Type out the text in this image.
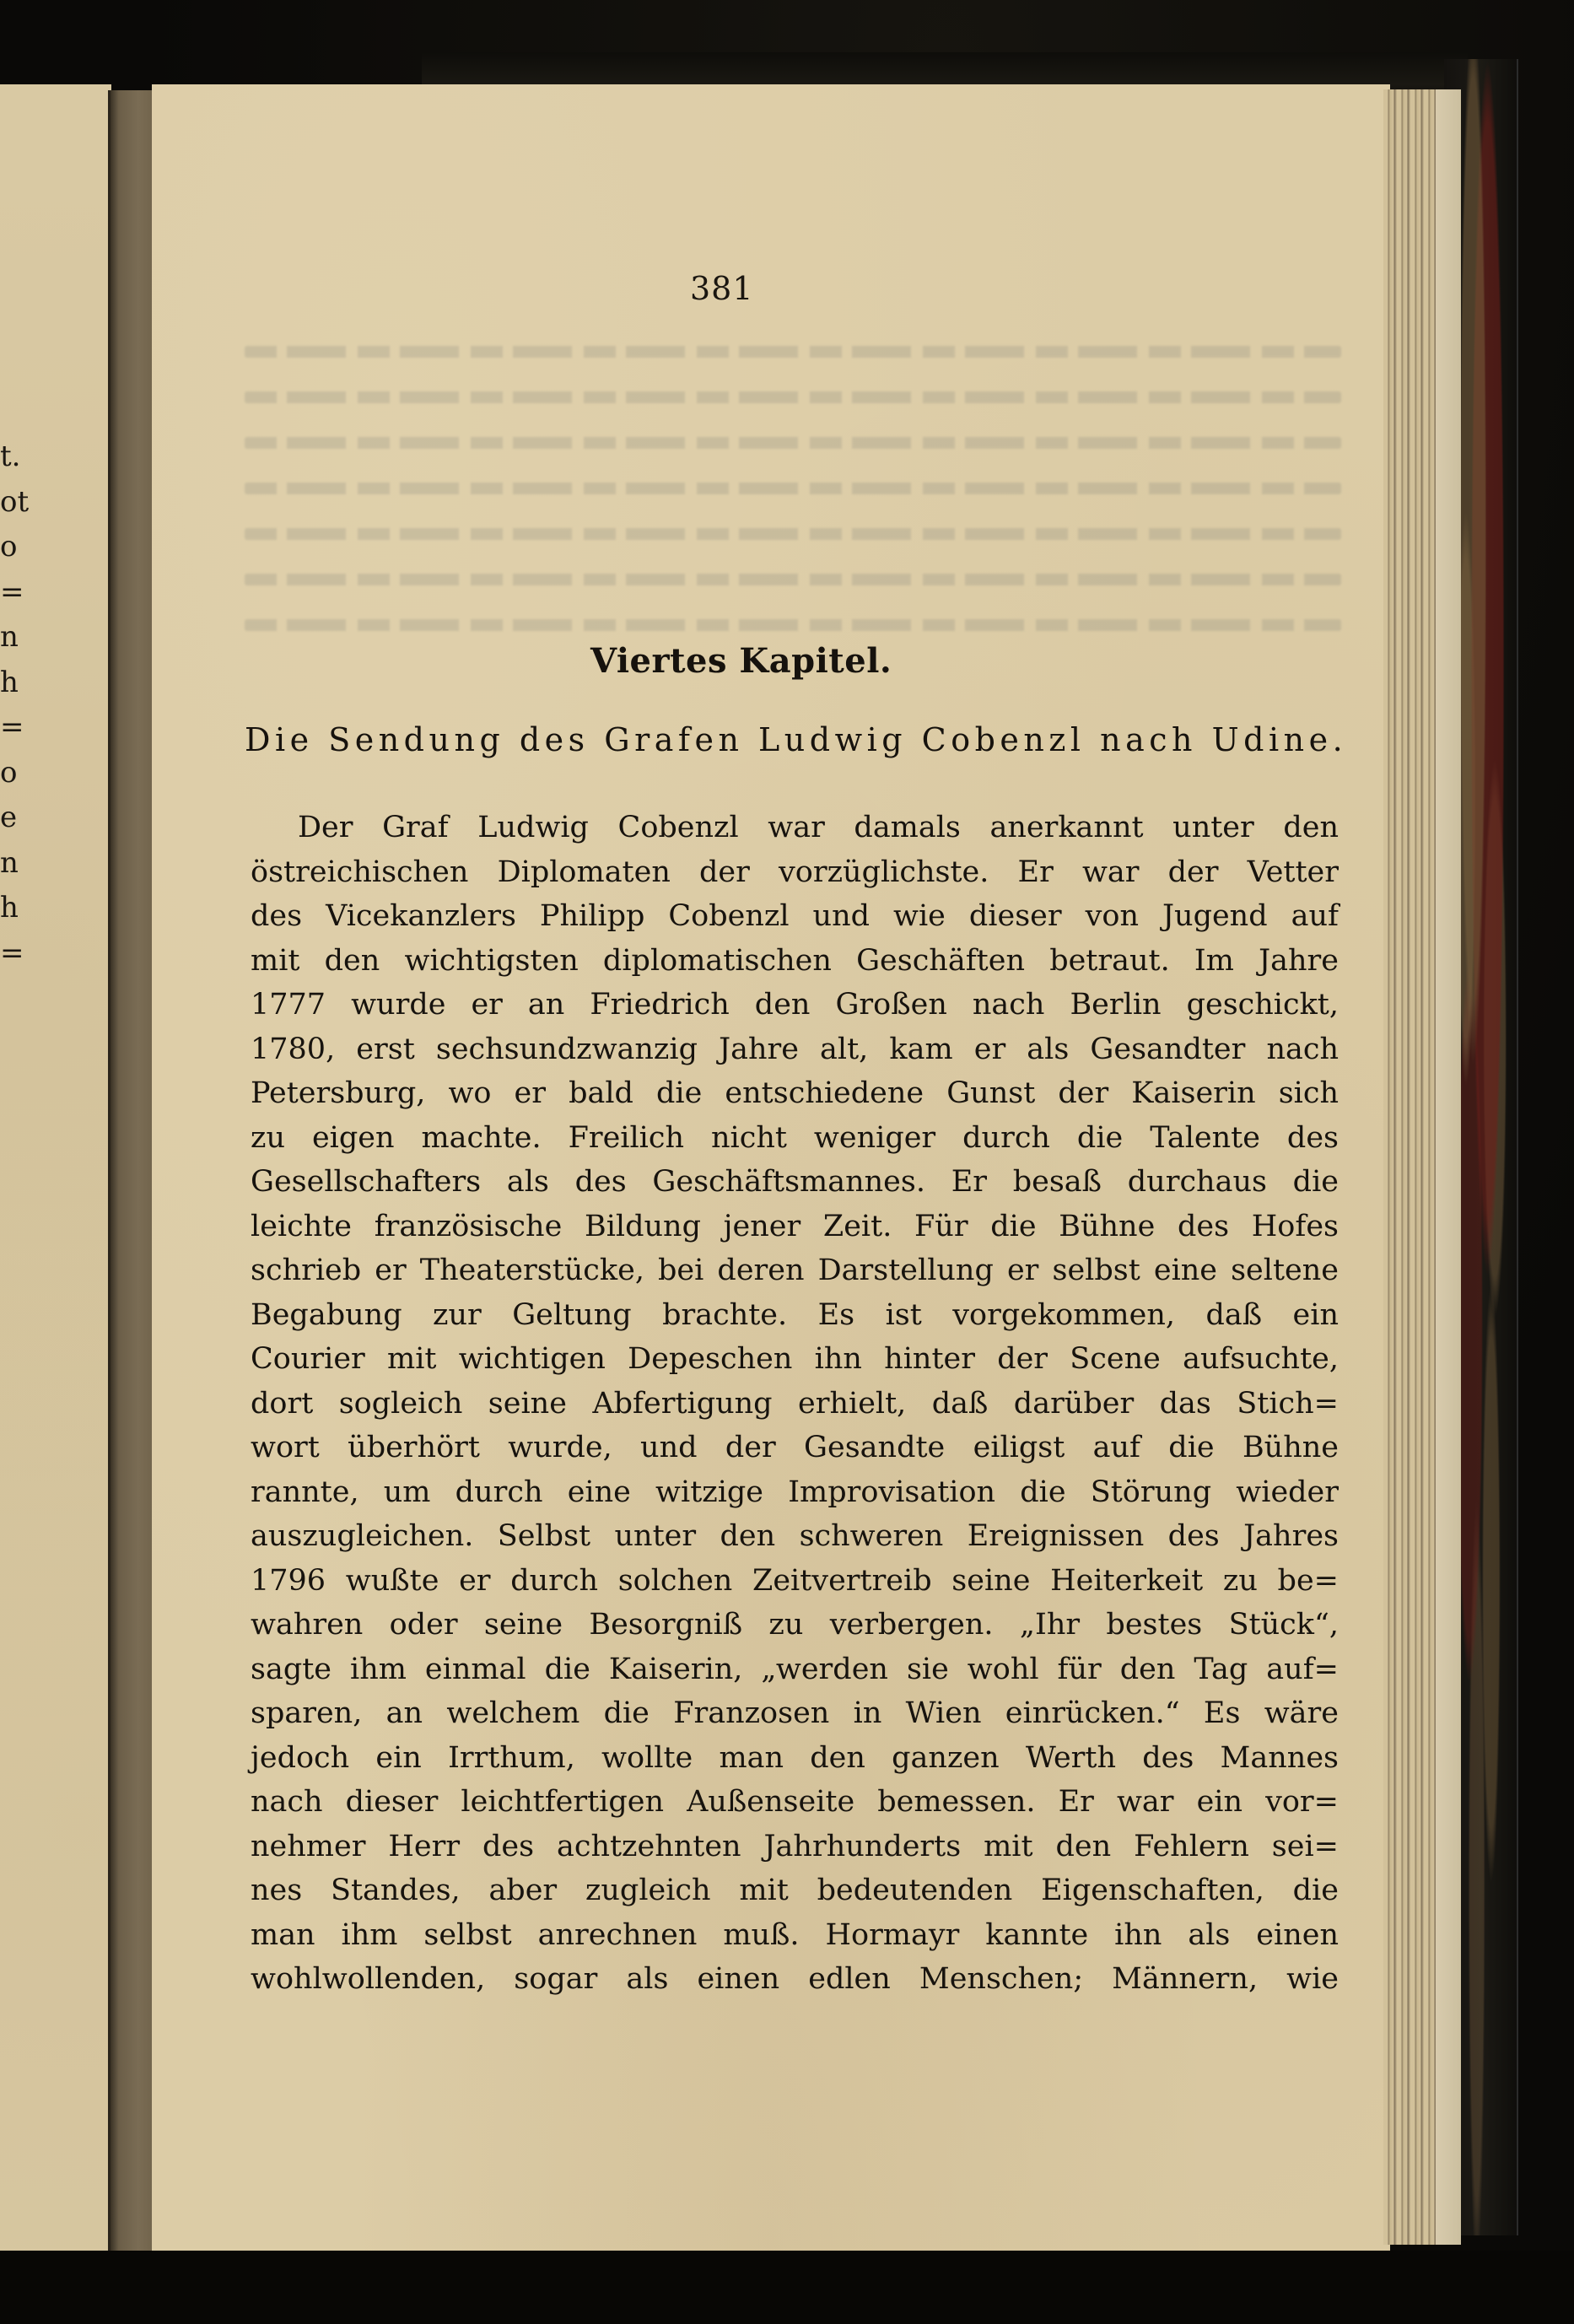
t.
ot
o
=
n
h
=
o
e
n
h
=
381
Viertes Kapitel.
Die Sendung des Grafen Ludwig Cobenzl nach Udine.
Der Graf Ludwig Cobenzl war damals anerkannt unter den
östreichischen Diplomaten der vorzüglichste. Er war der Vetter
des Vicekanzlers Philipp Cobenzl und wie dieser von Jugend auf
mit den wichtigsten diplomatischen Geschäften betraut. Im Jahre
1777 wurde er an Friedrich den Großen nach Berlin geschickt,
1780, erst sechsundzwanzig Jahre alt, kam er als Gesandter nach
Petersburg, wo er bald die entschiedene Gunst der Kaiserin sich
zu eigen machte. Freilich nicht weniger durch die Talente des
Gesellschafters als des Geschäftsmannes. Er besaß durchaus die
leichte französische Bildung jener Zeit. Für die Bühne des Hofes
schrieb er Theaterstücke, bei deren Darstellung er selbst eine seltene
Begabung zur Geltung brachte. Es ist vorgekommen, daß ein
Courier mit wichtigen Depeschen ihn hinter der Scene aufsuchte,
dort sogleich seine Abfertigung erhielt, daß darüber das Stich=
wort überhört wurde, und der Gesandte eiligst auf die Bühne
rannte, um durch eine witzige Improvisation die Störung wieder
auszugleichen. Selbst unter den schweren Ereignissen des Jahres
1796 wußte er durch solchen Zeitvertreib seine Heiterkeit zu be=
wahren oder seine Besorgniß zu verbergen. „Ihr bestes Stück“,
sagte ihm einmal die Kaiserin, „werden sie wohl für den Tag auf=
sparen, an welchem die Franzosen in Wien einrücken.“ Es wäre
jedoch ein Irrthum, wollte man den ganzen Werth des Mannes
nach dieser leichtfertigen Außenseite bemessen. Er war ein vor=
nehmer Herr des achtzehnten Jahrhunderts mit den Fehlern sei=
nes Standes, aber zugleich mit bedeutenden Eigenschaften, die
man ihm selbst anrechnen muß. Hormayr kannte ihn als einen
wohlwollenden, sogar als einen edlen Menschen; Männern, wie
